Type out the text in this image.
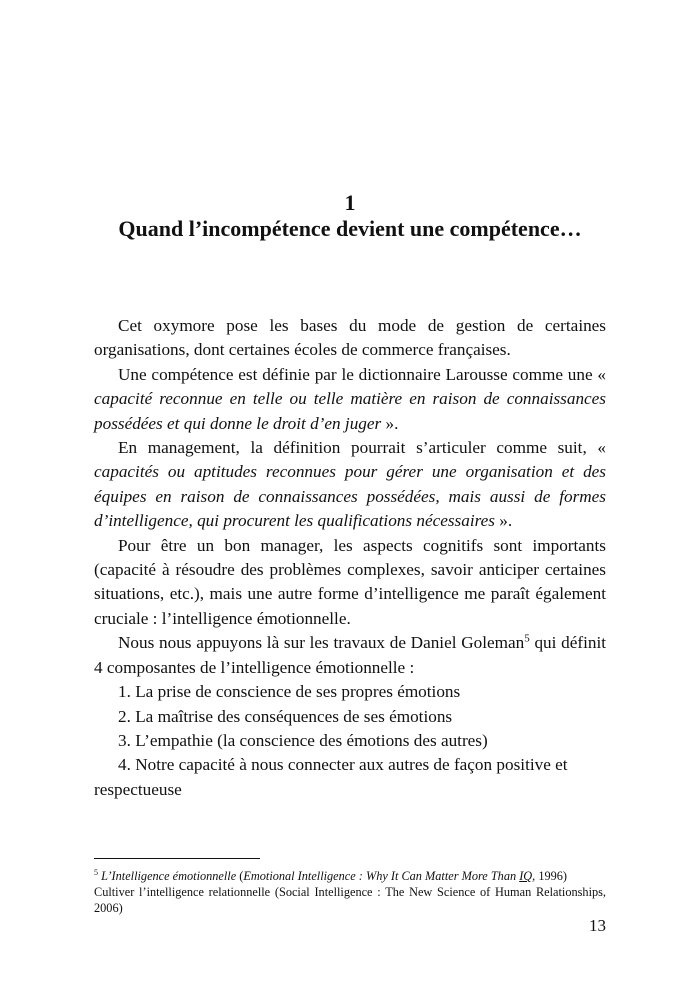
1
Quand l’incompétence devient une compétence…

Cet oxymore pose les bases du mode de gestion de certaines organisations, dont certaines écoles de commerce françaises.

Une compétence est définie par le dictionnaire Larousse comme une « capacité reconnue en telle ou telle matière en raison de connaissances possédées et qui donne le droit d’en juger ».

En management, la définition pourrait s’articuler comme suit, « capacités ou aptitudes reconnues pour gérer une organisation et des équipes en raison de connaissances possédées, mais aussi de formes d’intelligence, qui procurent les qualifications nécessaires ».

Pour être un bon manager, les aspects cognitifs sont importants (capacité à résoudre des problèmes complexes, savoir anticiper certaines situations, etc.), mais une autre forme d’intelligence me paraît également cruciale : l’intelligence émotionnelle.

Nous nous appuyons là sur les travaux de Daniel Goleman$^5$ qui définit 4 composantes de l’intelligence émotionnelle :

1. La prise de conscience de ses propres émotions

2. La maîtrise des conséquences de ses émotions

3. L’empathie (la conscience des émotions des autres)

4. Notre capacité à nous connecter aux autres de façon positive et respectueuse

$^5$ L’Intelligence émotionnelle (Emotional Intelligence : Why It Can Matter More Than IQ, 1996)

Cultiver l’intelligence relationnelle (Social Intelligence : The New Science of Human Relationships, 2006)

13
